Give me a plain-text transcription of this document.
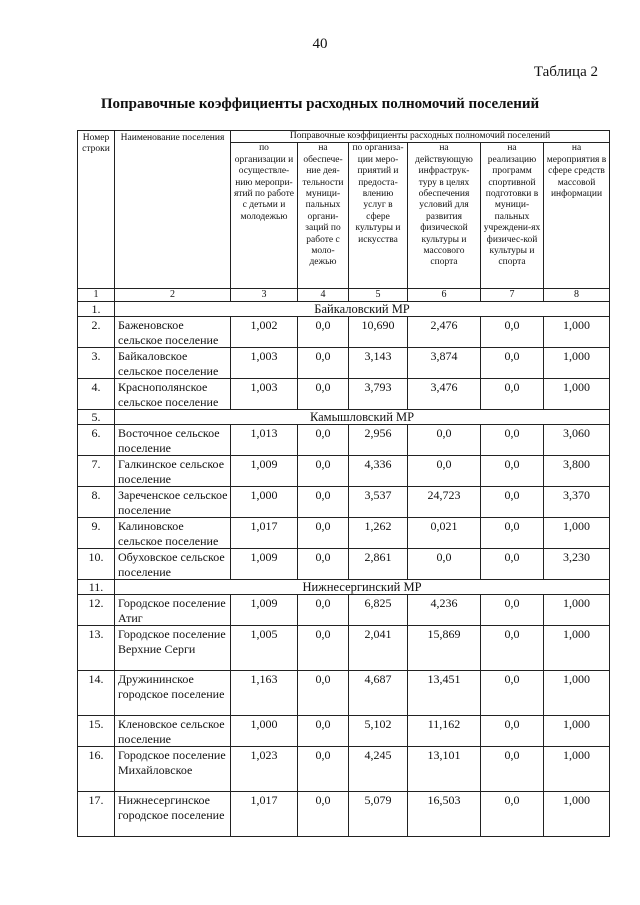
40
Таблица 2
Поправочные коэффициенты расходных полномочий поселений
Номер строки	Наименование поселения	Поправочные коэффициенты расходных полномочий поселений					
		по организации и осуществле-нию меропри-ятий по работе с детьми и молодежью	на обеспече-ние дея-тельности муници-пальных органи-заций по работе с моло-дежью	по организа-ции меро-приятий и предоста-влению услуг в сфере культуры и искусства	на действующую инфраструк-туру в целях обеспечения условий для развития физической культуры и массового спорта	на реализацию программ спортивной подготовки в муници-пальных учреждени-ях физичес-кой культуры и спорта	на мероприятия в сфере средств массовой информации
1	2	3	4	5	6	7	8
1.	Байкаловский МР						
2.	Баженовское сельское поселение	1,002	0,0	10,690	2,476	0,0	1,000
3.	Байкаловское сельское поселение	1,003	0,0	3,143	3,874	0,0	1,000
4.	Краснополянское сельское поселение	1,003	0,0	3,793	3,476	0,0	1,000
5.	Камышловский МР						
6.	Восточное сельское поселение	1,013	0,0	2,956	0,0	0,0	3,060
7.	Галкинское сельское поселение	1,009	0,0	4,336	0,0	0,0	3,800
8.	Зареченское сельское поселение	1,000	0,0	3,537	24,723	0,0	3,370
9.	Калиновское сельское поселение	1,017	0,0	1,262	0,021	0,0	1,000
10.	Обуховское сельское поселение	1,009	0,0	2,861	0,0	0,0	3,230
11.	Нижнесергинский МР						
12.	Городское поселение Атиг	1,009	0,0	6,825	4,236	0,0	1,000
13.	Городское поселение Верхние Серги	1,005	0,0	2,041	15,869	0,0	1,000
14.	Дружининское городское поселение	1,163	0,0	4,687	13,451	0,0	1,000
15.	Кленовское сельское поселение	1,000	0,0	5,102	11,162	0,0	1,000
16.	Городское поселение Михайловское	1,023	0,0	4,245	13,101	0,0	1,000
17.	Нижнесергинское городское поселение	1,017	0,0	5,079	16,503	0,0	1,000
